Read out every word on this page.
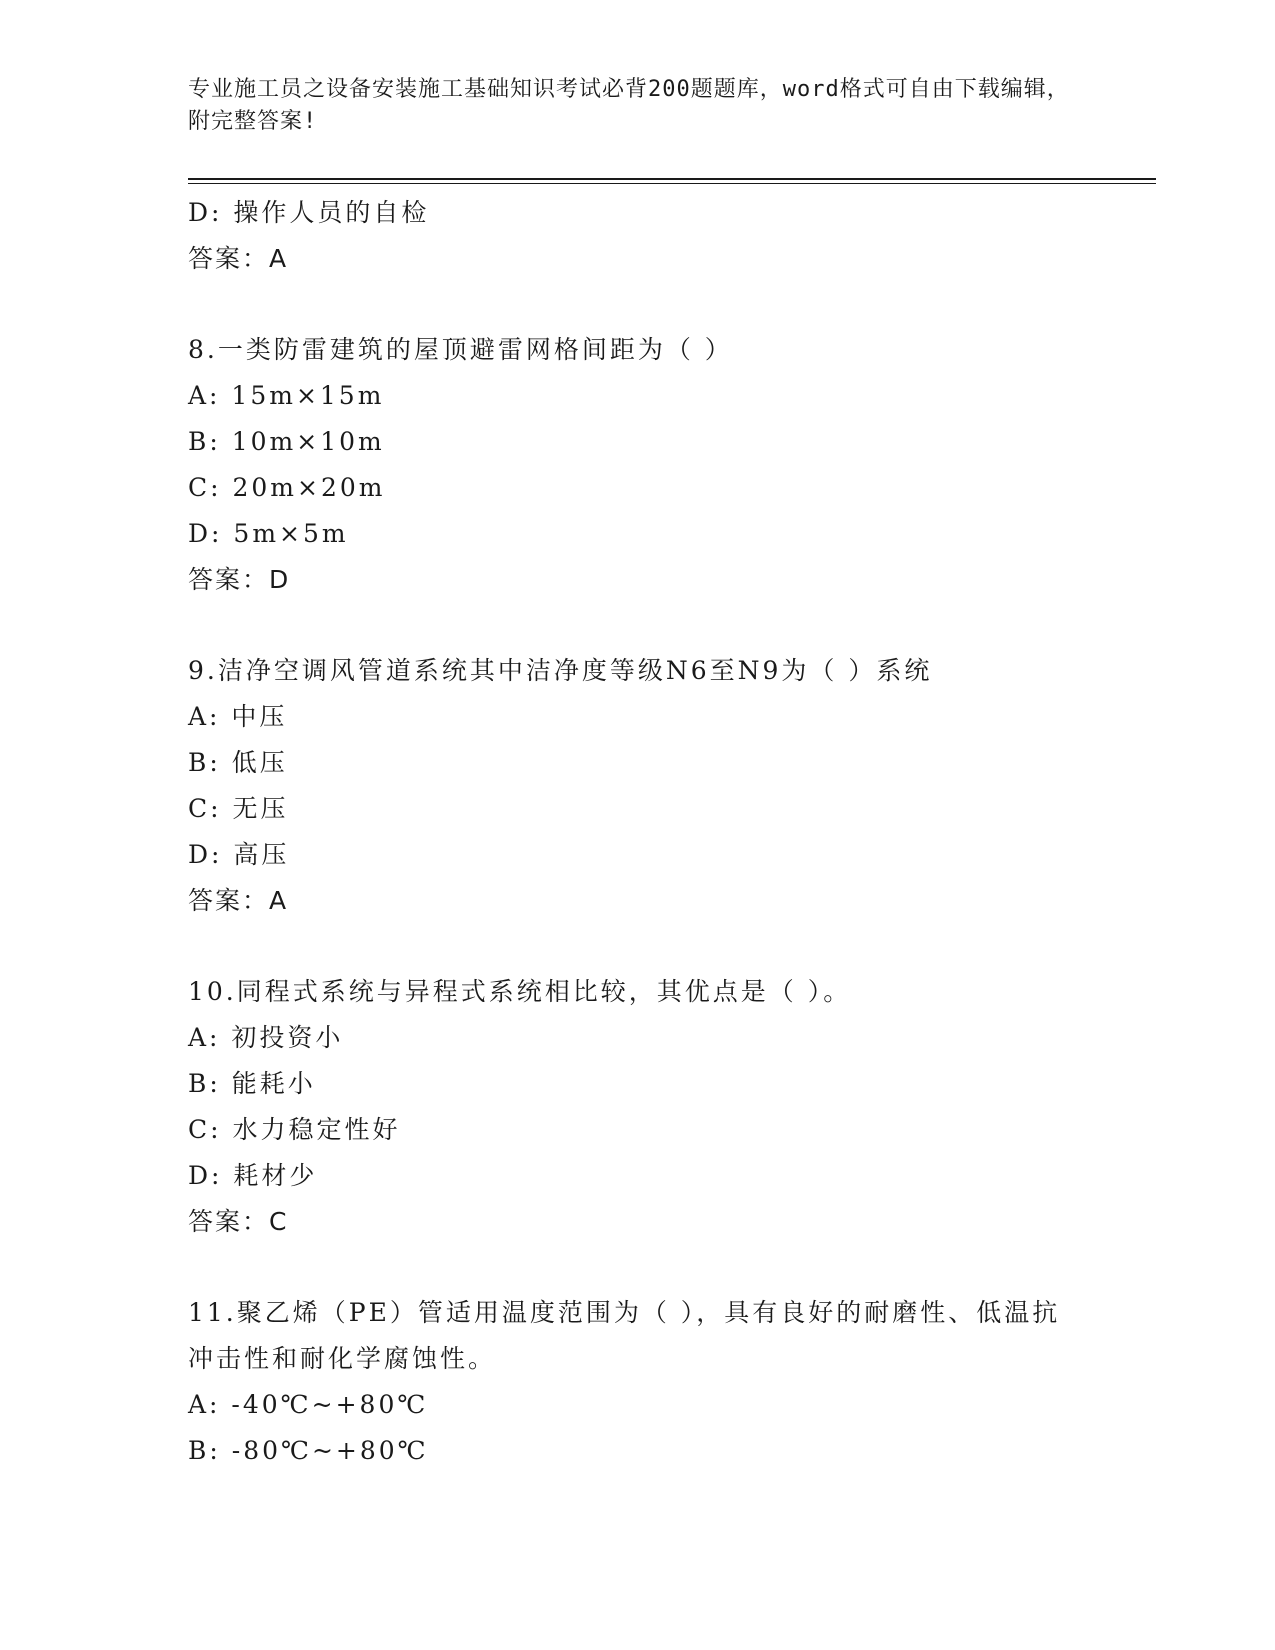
专业施工员之设备安装施工基础知识考试必背200题题库，word格式可自由下载编辑，附完整答案!
D: 操作人员的自检
答案：A
8.一类防雷建筑的屋顶避雷网格间距为（ ）
A: 15m×15m
B: 10m×10m
C: 20m×20m
D: 5m×5m
答案：D
9.洁净空调风管道系统其中洁净度等级N6至N9为（ ）系统
A: 中压
B: 低压
C: 无压
D: 高压
答案：A
10.同程式系统与异程式系统相比较，其优点是（ ）。
A: 初投资小
B: 能耗小
C: 水力稳定性好
D: 耗材少
答案：C
11.聚乙烯（PE）管适用温度范围为（ ），具有良好的耐磨性、低温抗冲击性和耐化学腐蚀性。
A: -40℃~+80℃
B: -80℃~+80℃
